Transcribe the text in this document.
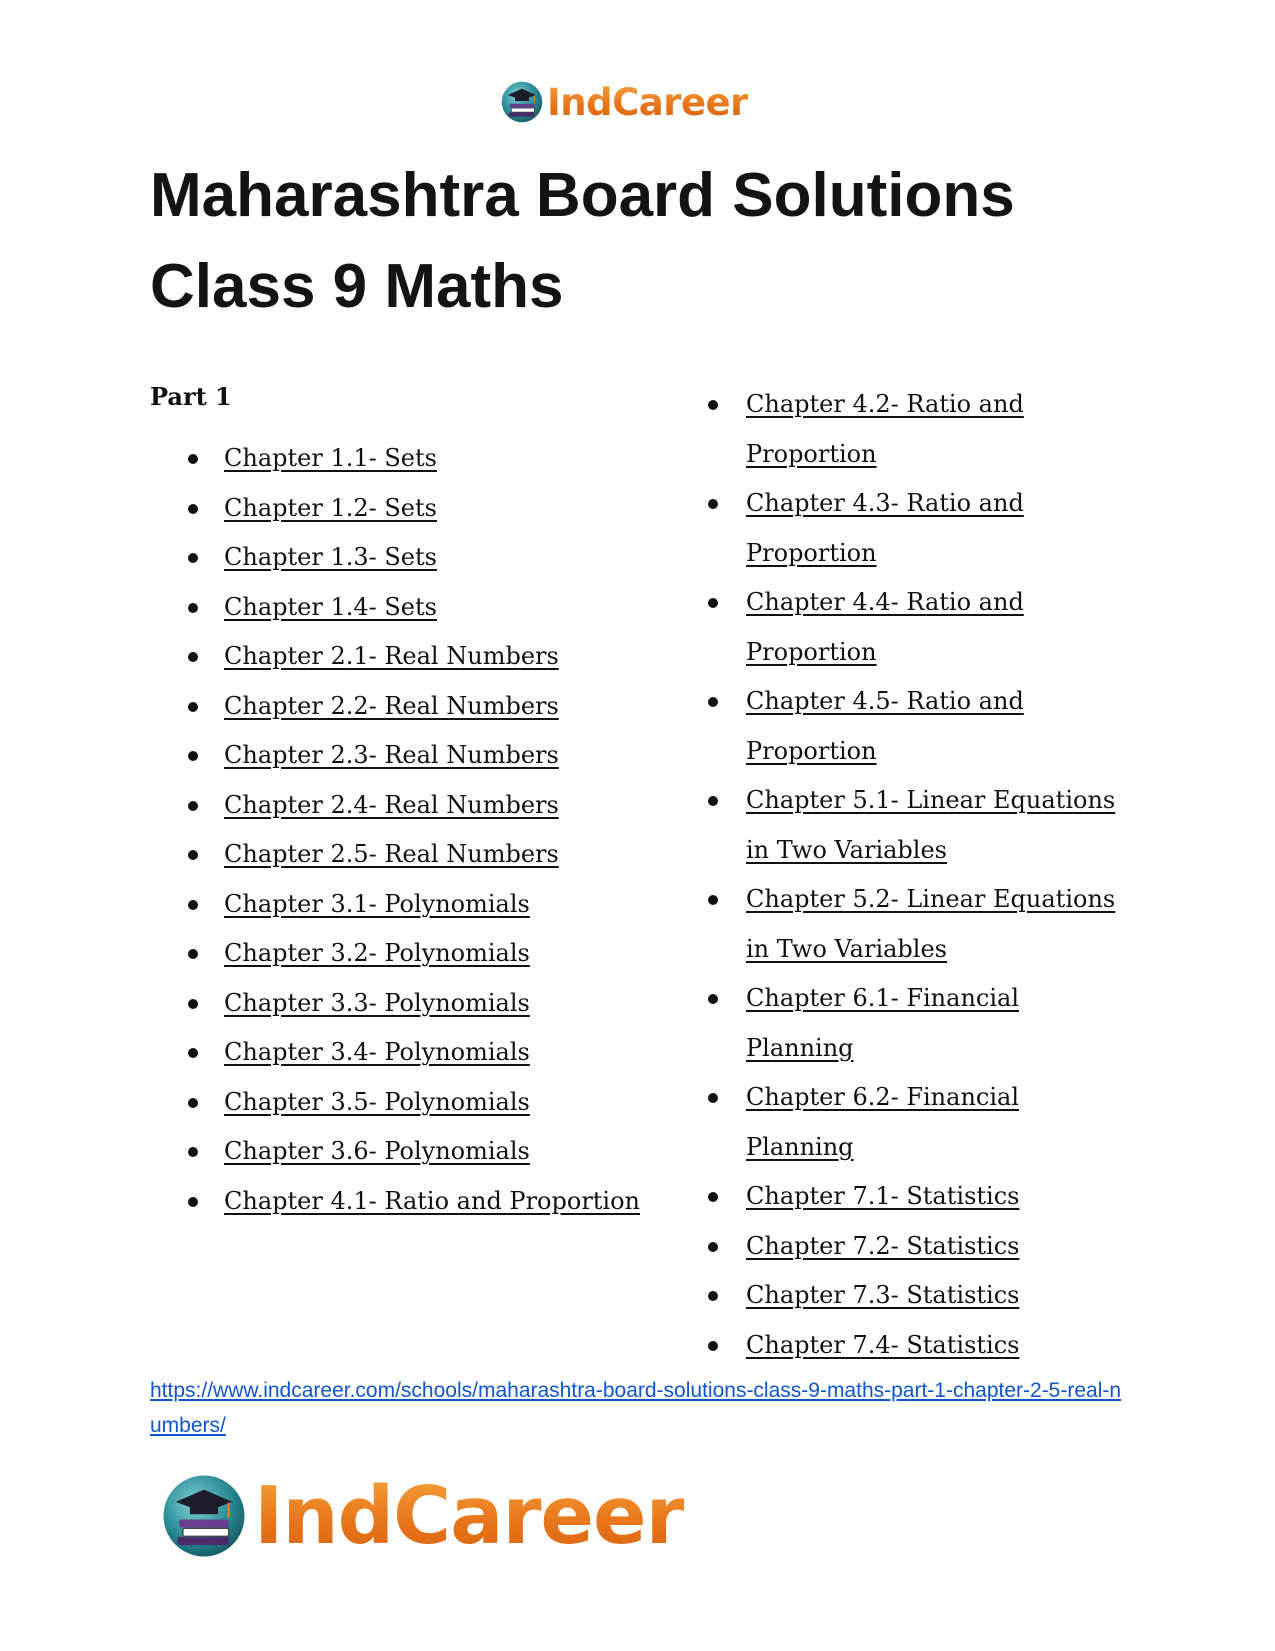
IndCareer
Maharashtra Board Solutions Class 9 Maths
Part 1
Chapter 1.1- Sets
Chapter 1.2- Sets
Chapter 1.3- Sets
Chapter 1.4- Sets
Chapter 2.1- Real Numbers
Chapter 2.2- Real Numbers
Chapter 2.3- Real Numbers
Chapter 2.4- Real Numbers
Chapter 2.5- Real Numbers
Chapter 3.1- Polynomials
Chapter 3.2- Polynomials
Chapter 3.3- Polynomials
Chapter 3.4- Polynomials
Chapter 3.5- Polynomials
Chapter 3.6- Polynomials
Chapter 4.1- Ratio and Proportion
Chapter 4.2- Ratio and Proportion
Chapter 4.3- Ratio and Proportion
Chapter 4.4- Ratio and Proportion
Chapter 4.5- Ratio and Proportion
Chapter 5.1- Linear Equations in Two Variables
Chapter 5.2- Linear Equations in Two Variables
Chapter 6.1- Financial Planning
Chapter 6.2- Financial Planning
Chapter 7.1- Statistics
Chapter 7.2- Statistics
Chapter 7.3- Statistics
Chapter 7.4- Statistics
https://www.indcareer.com/schools/maharashtra-board-solutions-class-9-maths-part-1-chapter-2-5-real-numbers/
IndCareer
